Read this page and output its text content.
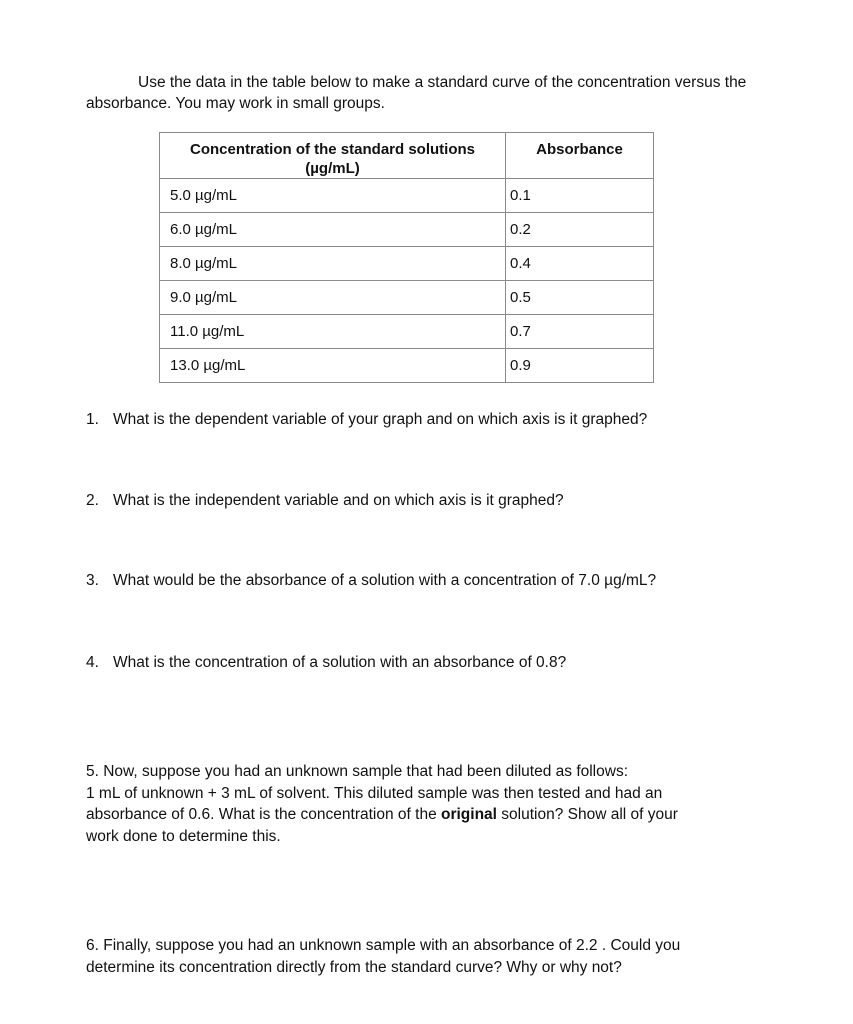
Use the data in the table below to make a standard curve of the concentration versus the absorbance. You may work in small groups.

Concentration of the standard solutions
(µg/mL)	Absorbance
5.0 µg/mL	0.1
6.0 µg/mL	0.2
8.0 µg/mL	0.4
9.0 µg/mL	0.5
11.0 µg/mL	0.7
13.0 µg/mL	0.9

1. What is the dependent variable of your graph and on which axis is it graphed?

2. What is the independent variable and on which axis is it graphed?

3. What would be the absorbance of a solution with a concentration of 7.0 µg/mL?

4. What is the concentration of a solution with an absorbance of 0.8?

5. Now, suppose you had an unknown sample that had been diluted as follows:
1 mL of unknown + 3 mL of solvent. This diluted sample was then tested and had an
absorbance of 0.6. What is the concentration of the original solution? Show all of your
work done to determine this.

6. Finally, suppose you had an unknown sample with an absorbance of 2.2 . Could you
determine its concentration directly from the standard curve? Why or why not?
